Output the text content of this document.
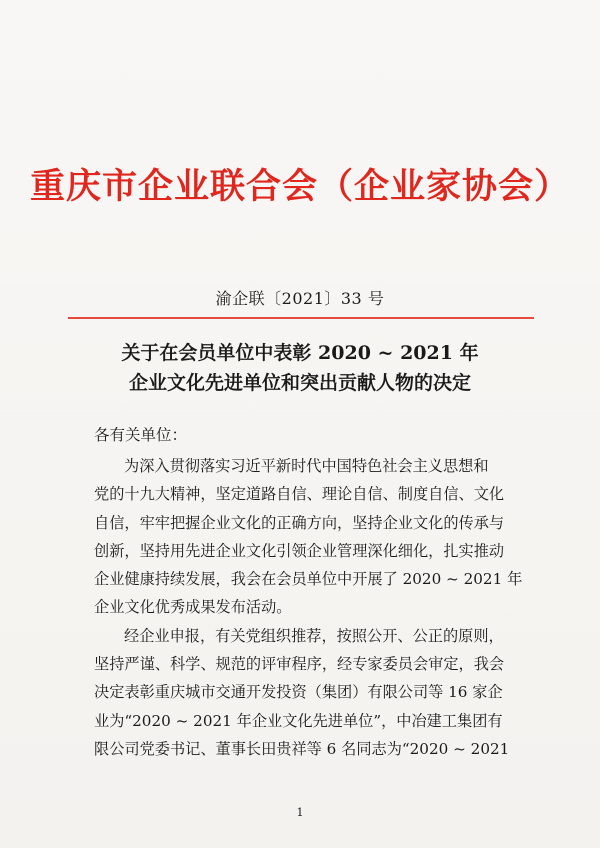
重庆市企业联合会（企业家协会）
渝企联〔2021〕33 号
关于在会员单位中表彰 2020 ~ 2021 年
企业文化先进单位和突出贡献人物的决定
各有关单位：
为深入贯彻落实习近平新时代中国特色社会主义思想和
党的十九大精神，坚定道路自信、理论自信、制度自信、文化
自信，牢牢把握企业文化的正确方向，坚持企业文化的传承与
创新，坚持用先进企业文化引领企业管理深化细化，扎实推动
企业健康持续发展，我会在会员单位中开展了 2020 ~ 2021 年
企业文化优秀成果发布活动。
经企业申报，有关党组织推荐，按照公开、公正的原则，
坚持严谨、科学、规范的评审程序，经专家委员会审定，我会
决定表彰重庆城市交通开发投资（集团）有限公司等 16 家企
业为“2020 ~ 2021 年企业文化先进单位”，中冶建工集团有
限公司党委书记、董事长田贵祥等 6 名同志为“2020 ~ 2021
1
